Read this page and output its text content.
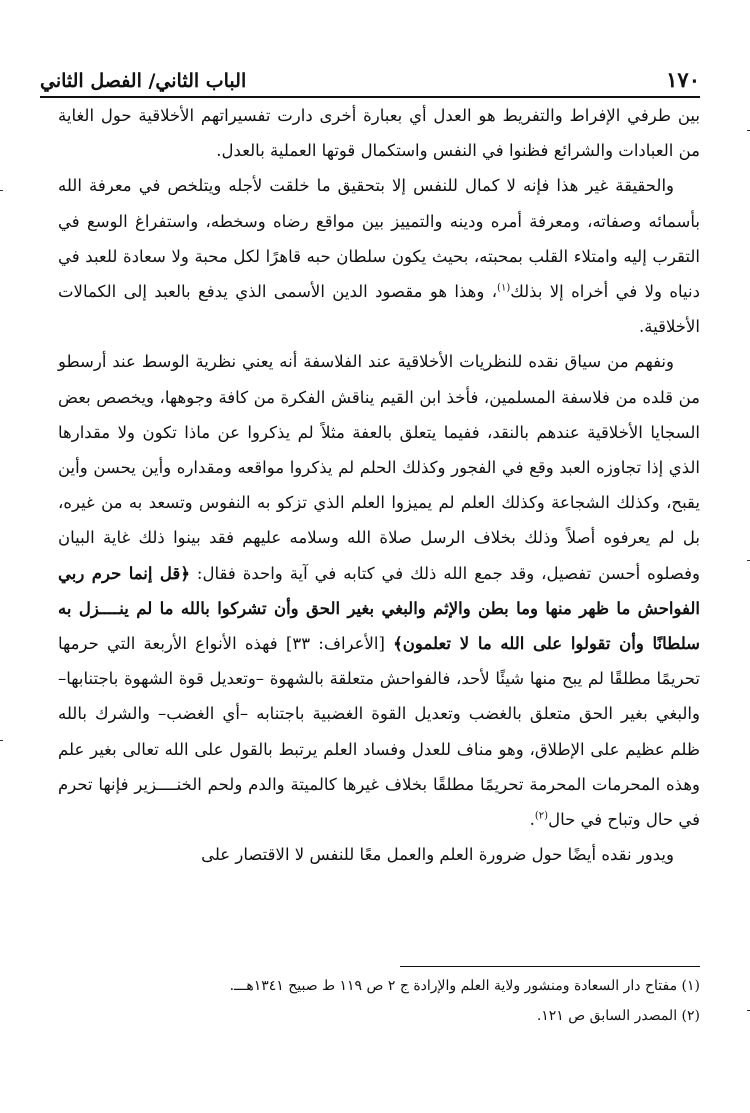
١٧٠
الباب الثاني/ الفصل الثاني

بين طرفي الإفراط والتفريط هو العدل أي بعبارة أخرى دارت تفسيراتهم الأخلاقية حول الغاية من العبادات والشرائع فظنوا في النفس واستكمال قوتها العملية بالعدل.

والحقيقة غير هذا فإنه لا كمال للنفس إلا بتحقيق ما خلقت لأجله ويتلخص في معرفة الله بأسمائه وصفاته، ومعرفة أمره ودينه والتمييز بين مواقع رضاه وسخطه، واستفراغ الوسع في التقرب إليه وامتلاء القلب بمحبته، بحيث يكون سلطان حبه قاهرًا لكل محبة ولا سعادة للعبد في دنياه ولا في أخراه إلا بذلك$^{(١)}$، وهذا هو مقصود الدين الأسمى الذي يدفع بالعبد إلى الكمالات الأخلاقية.

ونفهم من سياق نقده للنظريات الأخلاقية عند الفلاسفة أنه يعني نظرية الوسط عند أرسطو من قلده من فلاسفة المسلمين، فأخذ ابن القيم يناقش الفكرة من كافة وجوهها، ويخصص بعض السجايا الأخلاقية عندهم بالنقد، ففيما يتعلق بالعفة مثلاً لم يذكروا عن ماذا تكون ولا مقدارها الذي إذا تجاوزه العبد وقع في الفجور وكذلك الحلم لم يذكروا مواقعه ومقداره وأين يحسن وأين يقبح، وكذلك الشجاعة وكذلك العلم لم يميزوا العلم الذي تزكو به النفوس وتسعد به من غيره، بل لم يعرفوه أصلاً وذلك بخلاف الرسل صلاة الله وسلامه عليهم فقد بينوا ذلك غاية البيان وفصلوه أحسن تفصيل، وقد جمع الله ذلك في كتابه في آية واحدة فقال: ﴿قل إنما حرم ربي الفواحش ما ظهر منها وما بطن والإثم والبغي بغير الحق وأن تشركوا بالله ما لم ينــــزل به سلطانًا وأن تقولوا على الله ما لا تعلمون﴾ [الأعراف: ٣٣] فهذه الأنواع الأربعة التي حرمها تحريمًا مطلقًا لم يبح منها شيئًا لأحد، فالفواحش متعلقة بالشهوة –وتعديل قوة الشهوة باجتنابها– والبغي بغير الحق متعلق بالغضب وتعديل القوة الغضبية باجتنابه –أي الغضب– والشرك بالله ظلم عظيم على الإطلاق، وهو مناف للعدل وفساد العلم يرتبط بالقول على الله تعالى بغير علم وهذه المحرمات المحرمة تحريمًا مطلقًا بخلاف غيرها كالميتة والدم ولحم الخنــــزير فإنها تحرم في حال وتباح في حال$^{(٢)}$.

ويدور نقده أيضًا حول ضرورة العلم والعمل معًا للنفس لا الاقتصار على

(١) مفتاح دار السعادة ومنشور ولاية العلم والإرادة ج ٢ ص ١١٩ ط صبيح ١٣٤١هـــ.

(٢) المصدر السابق ص ١٢١.
